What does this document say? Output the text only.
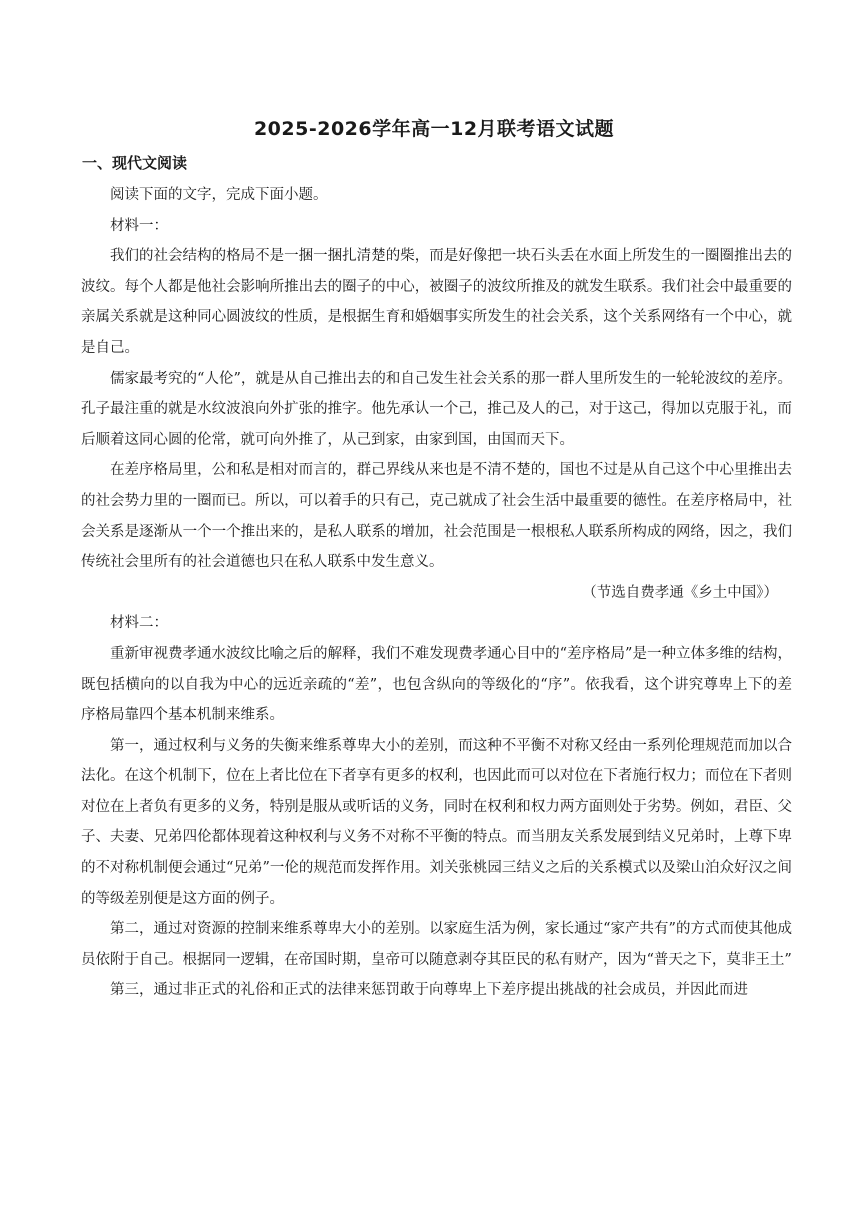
2025-2026学年高一12月联考语文试题
一、现代文阅读

阅读下面的文字，完成下面小题。

材料一：

我们的社会结构的格局不是一捆一捆扎清楚的柴，而是好像把一块石头丢在水面上所发生的一圈圈推出去的波纹。每个人都是他社会影响所推出去的圈子的中心，被圈子的波纹所推及的就发生联系。我们社会中最重要的亲属关系就是这种同心圆波纹的性质，是根据生育和婚姻事实所发生的社会关系，这个关系网络有一个中心，就是自己。

儒家最考究的“人伦”，就是从自己推出去的和自己发生社会关系的那一群人里所发生的一轮轮波纹的差序。孔子最注重的就是水纹波浪向外扩张的推字。他先承认一个己，推己及人的己，对于这己，得加以克服于礼，而后顺着这同心圆的伦常，就可向外推了，从己到家，由家到国，由国而天下。

在差序格局里，公和私是相对而言的，群己界线从来也是不清不楚的，国也不过是从自己这个中心里推出去的社会势力里的一圈而已。所以，可以着手的只有己，克己就成了社会生活中最重要的德性。在差序格局中，社会关系是逐渐从一个一个推出来的，是私人联系的增加，社会范围是一根根私人联系所构成的网络，因之，我们传统社会里所有的社会道德也只在私人联系中发生意义。

（节选自费孝通《乡土中国》）

材料二：

重新审视费孝通水波纹比喻之后的解释，我们不难发现费孝通心目中的“差序格局”是一种立体多维的结构，既包括横向的以自我为中心的远近亲疏的“差”，也包含纵向的等级化的“序”。依我看，这个讲究尊卑上下的差序格局靠四个基本机制来维系。

第一，通过权利与义务的失衡来维系尊卑大小的差别，而这种不平衡不对称又经由一系列伦理规范而加以合法化。在这个机制下，位在上者比位在下者享有更多的权利，也因此而可以对位在下者施行权力；而位在下者则对位在上者负有更多的义务，特别是服从或听话的义务，同时在权利和权力两方面则处于劣势。例如，君臣、父子、夫妻、兄弟四伦都体现着这种权利与义务不对称不平衡的特点。而当朋友关系发展到结义兄弟时，上尊下卑的不对称机制便会通过“兄弟”一伦的规范而发挥作用。刘关张桃园三结义之后的关系模式以及梁山泊众好汉之间的等级差别便是这方面的例子。

第二，通过对资源的控制来维系尊卑大小的差别。以家庭生活为例，家长通过“家产共有”的方式而使其他成员依附于自己。根据同一逻辑，在帝国时期，皇帝可以随意剥夺其臣民的私有财产，因为“普天之下，莫非王土”

第三，通过非正式的礼俗和正式的法律来惩罚敢于向尊卑上下差序提出挑战的社会成员，并因此而进
